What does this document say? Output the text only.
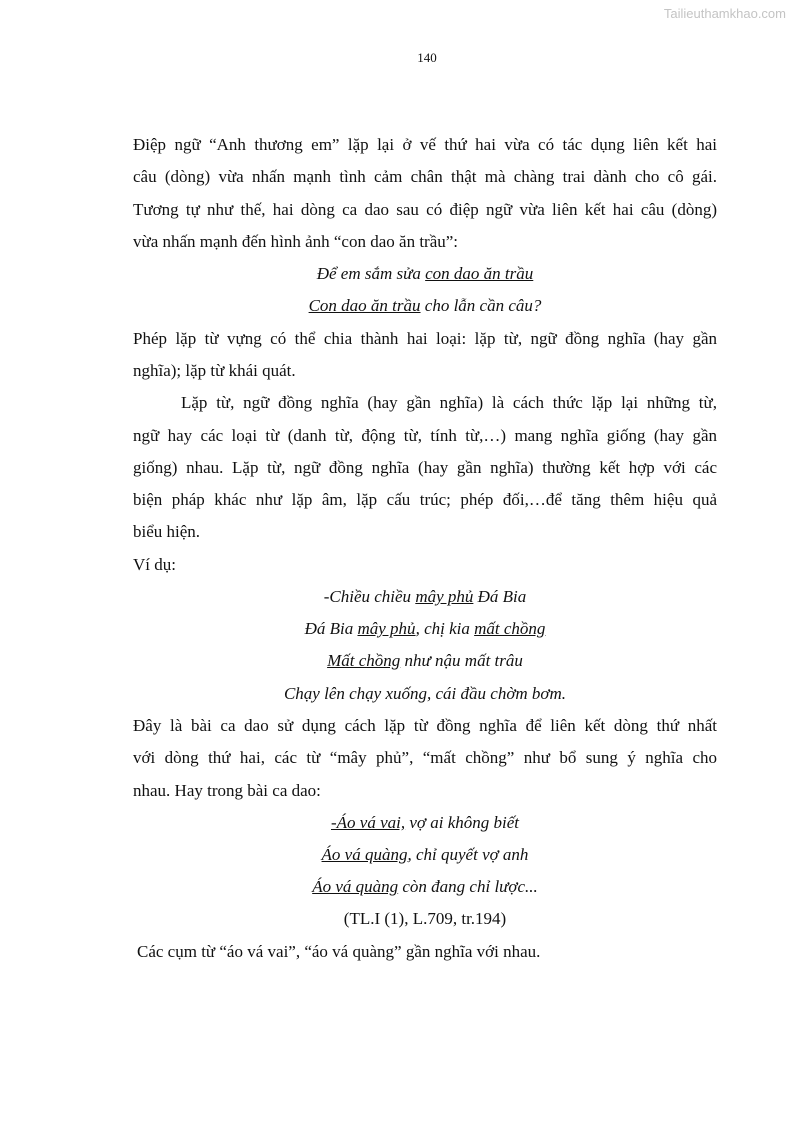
Tailieuthamkhao.com
140
Điệp ngữ “Anh thương em” lặp lại ở vế thứ hai vừa có tác dụng liên kết hai
câu (dòng) vừa nhấn mạnh tình cảm chân thật mà chàng trai dành cho cô gái.
Tương tự như thế, hai dòng ca dao sau có điệp ngữ vừa liên kết hai câu (dòng)
vừa nhấn mạnh đến hình ảnh “con dao ăn trầu”:
Để em sắm sửa con dao ăn trầu
Con dao ăn trầu cho lẫn cần câu?
Phép lặp từ vựng có thể chia thành hai loại: lặp từ, ngữ đồng nghĩa (hay gần
nghĩa); lặp từ khái quát.
Lặp từ, ngữ đồng nghĩa (hay gần nghĩa) là cách thức lặp lại những từ,
ngữ hay các loại từ (danh từ, động từ, tính từ,…) mang nghĩa giống (hay gần
giống) nhau. Lặp từ, ngữ đồng nghĩa (hay gần nghĩa) thường kết hợp với các
biện pháp khác như lặp âm, lặp cấu trúc; phép đối,…để tăng thêm hiệu quả
biểu hiện.
Ví dụ:
-Chiều chiều mây phủ Đá Bia
Đá Bia mây phủ, chị kia mất chồng
Mất chồng như nậu mất trâu
Chạy lên chạy xuống, cái đầu chờm bơm.
Đây là bài ca dao sử dụng cách lặp từ đồng nghĩa để liên kết dòng thứ nhất
với dòng thứ hai, các từ “mây phủ”, “mất chồng” như bổ sung ý nghĩa cho
nhau. Hay trong bài ca dao:
-Áo vá vai, vợ ai không biết
Áo vá quàng, chỉ quyết vợ anh
Áo vá quàng còn đang chỉ lược...
(TL.I (1), L.709, tr.194)
Các cụm từ “áo vá vai”, “áo vá quàng” gần nghĩa với nhau.
